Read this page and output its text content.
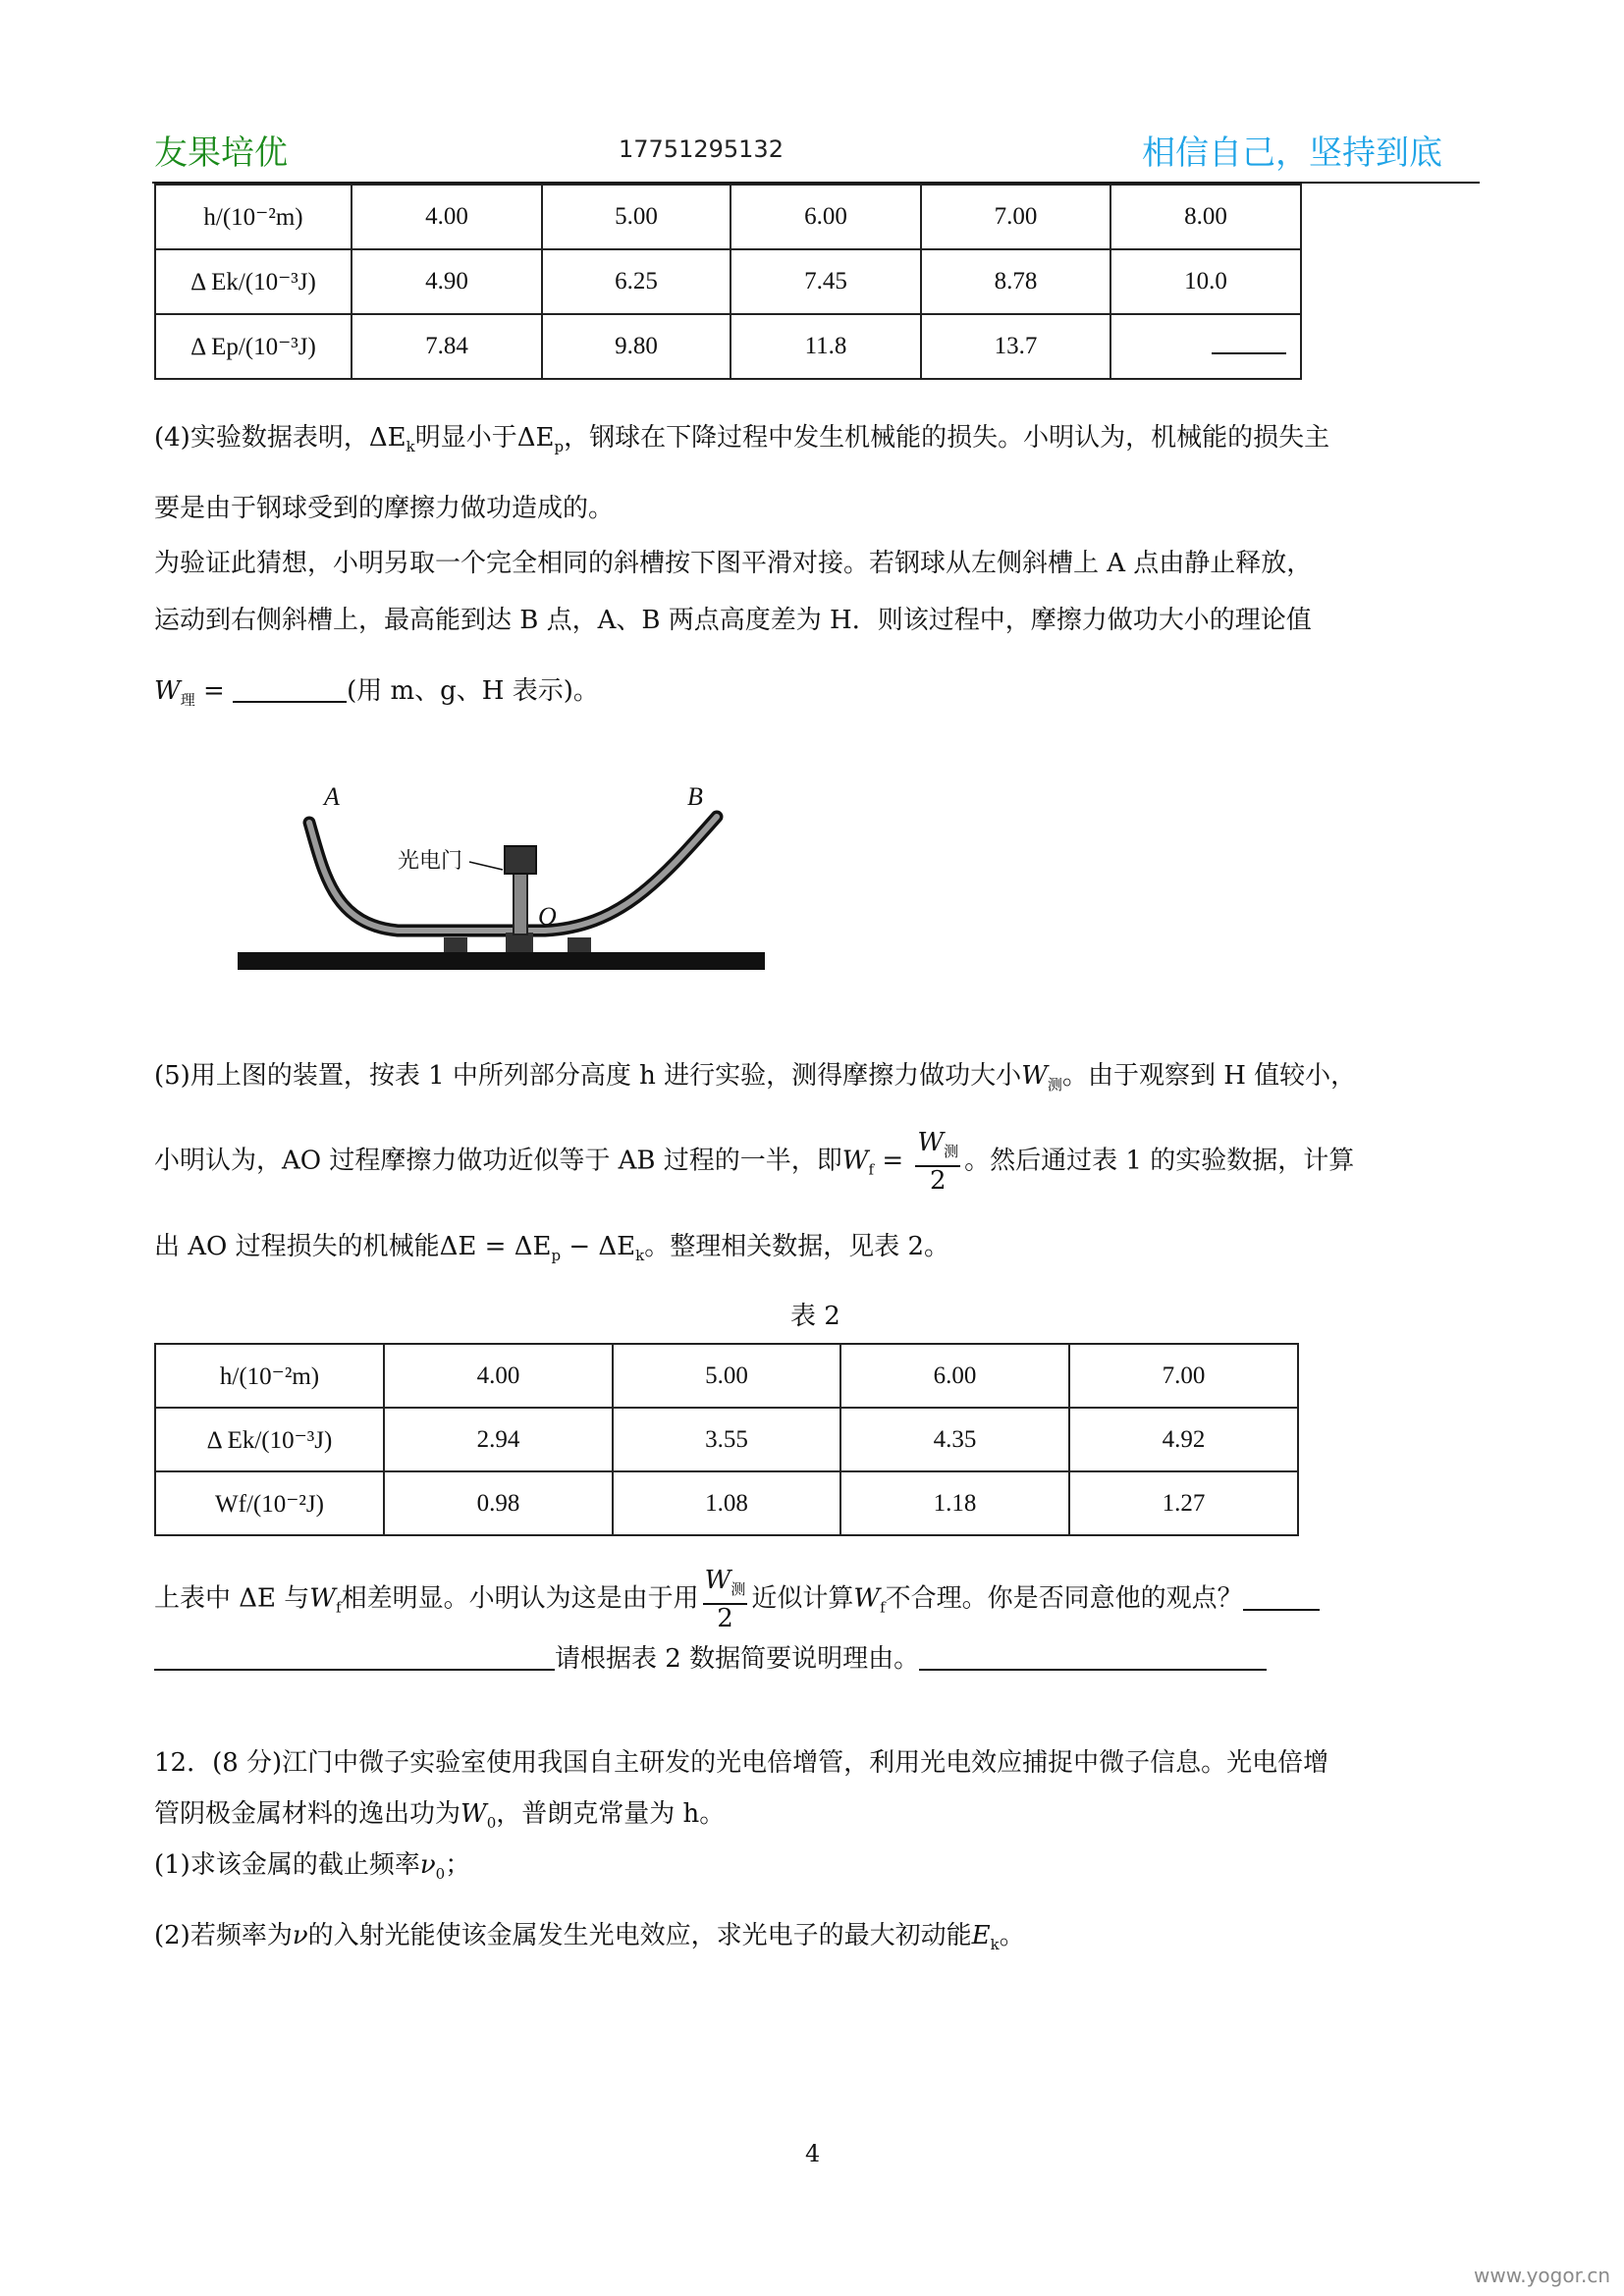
友果培优	17751295132	相信自己，坚持到底
h/(10⁻²m)	4.00	5.00	6.00	7.00	8.00
Δ Ek/(10⁻³J)	4.90	6.25	7.45	8.78	10.0
Δ Ep/(10⁻³J)	7.84	9.80	11.8	13.7	
(4)实验数据表明，$\Delta E_k$明显小于$\Delta E_p$，钢球在下降过程中发生机械能的损失。小明认为，机械能的损失主
要是由于钢球受到的摩擦力做功造成的。
为验证此猜想，小明另取一个完全相同的斜槽按下图平滑对接。若钢球从左侧斜槽上 A 点由静止释放，
运动到右侧斜槽上，最高能到达 B 点，A、B 两点高度差为 H．则该过程中，摩擦力做功大小的理论值
$W_理$ =	(用 m、g、H 表示)。
A	B
O
光电门
(5)用上图的装置，按表 1 中所列部分高度 h 进行实验，测得摩擦力做功大小$W_测$。由于观察到 H 值较小，
小明认为，AO 过程摩擦力做功近似等于 AB 过程的一半，即$W_f = \frac{W_测}{2}$ 。然后通过表 1 的实验数据，计算
出 AO 过程损失的机械能$\Delta E = \Delta E_p - \Delta E_k$。整理相关数据，见表 2。
表 2
h/(10⁻²m)	4.00	5.00	6.00	7.00
Δ Ek/(10⁻³J)	2.94	3.55	4.35	4.92
Wf/(10⁻²J)	0.98	1.08	1.18	1.27
上表中 ΔE 与$W_f$相差明显。小明认为这是由于用 $\frac{W_测}{2}$ 近似计算$W_f$不合理。你是否同意他的观点？
请根据表 2 数据简要说明理由。
12．(8 分)江门中微子实验室使用我国自主研发的光电倍增管，利用光电效应捕捉中微子信息。光电倍增
管阴极金属材料的逸出功为$W_0$，普朗克常量为 h。
(1)求该金属的截止频率$\nu_0$；
(2)若频率为ν的入射光能使该金属发生光电效应，求光电子的最大初动能$E_k$。
4
www.yogor.cn
